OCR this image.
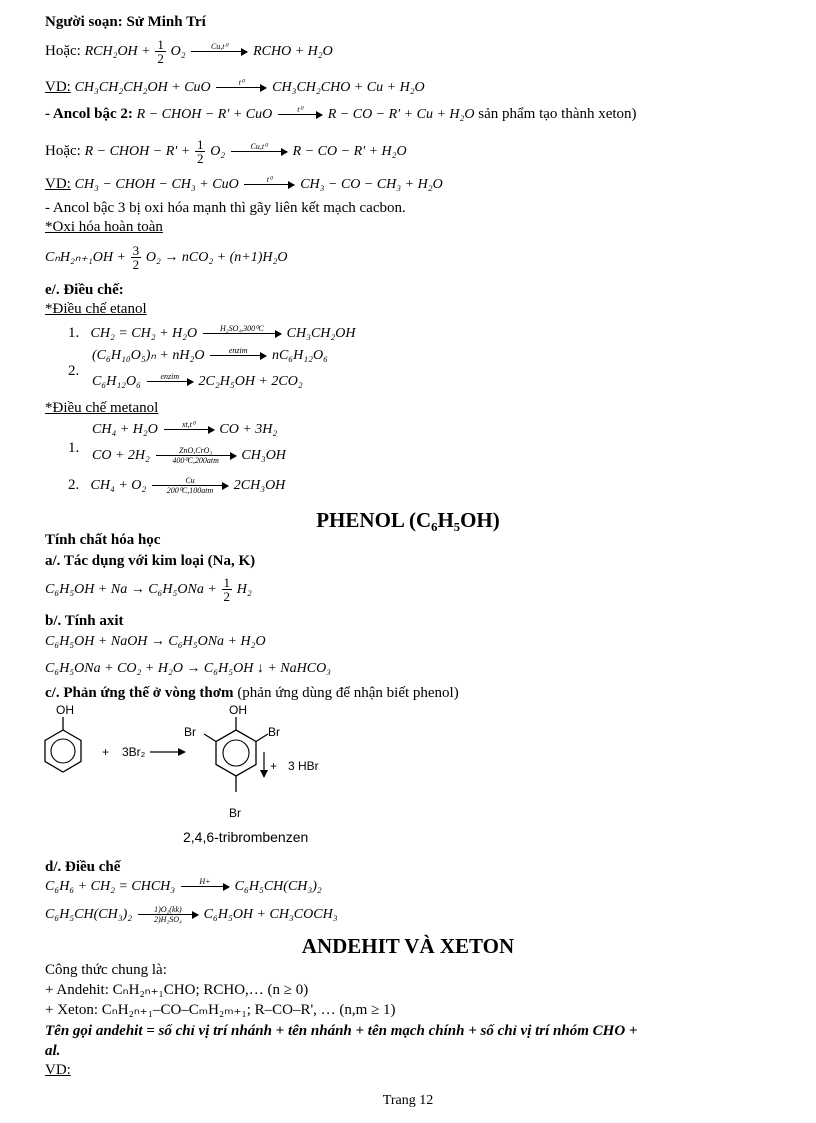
Người soạn: Sử Minh Trí
Hoặc: $RCH_2OH + \frac{1}{2} O_2$	Cu,t⁰
	RCHO + H₂O
VD: CH₃CH₂CH₂OH + CuO	t⁰
	CH₃CH₂CHO + Cu + H₂O
- Ancol bậc 2: R − CHOH − R' + CuO	t⁰
	R − CO − R' + Cu + H₂O sản phẩm tạo thành xeton)
Hoặc: R − CHOH − $R' + \frac{1}{2} O_2$	Cu,t⁰
	R − CO − R' + H₂O
VD: CH₃ − CHOH − CH₃ + CuO	t⁰
	CH₃ − CO − CH₃ + H₂O
- Ancol bậc 3 bị oxi hóa mạnh thì gãy liên kết mạch cacbon.
*Oxi hóa hoàn toàn
$C_nH_{2n+1}OH + \frac{3}{2} O_2 \to nCO_2 + (n+1)H_2O$
e/. Điều chế:
*Điều chế etanol
1. CH₂ = CH₂ + H₂O	H₂SO₄,300⁰C
	CH₃CH₂OH
2.
(C₆H₁₀O₅)ₙ + nH₂O	enzim
	nC₆H₁₂O₆
C₆H₁₂O₆	enzim
	2C₂H₅OH + 2CO₂
*Điều chế metanol
1.
CH₄ + H₂O	xt,t⁰
	CO + 3H₂
CO + 2H₂	ZnO,CrO₃
400⁰C,200atm	CH₃OH
2. CH₄ + O₂	Cu
200⁰C,100atm	2CH₃OH
PHENOL (C₆H₅OH)
Tính chất hóa học
a/. Tác dụng với kim loại (Na, K)
$C_6H_5OH + Na \to C_6H_5ONa + \frac{1}{2} H_2$
b/. Tính axit
C₆H₅OH + NaOH → C₆H₅ONa + H₂O
C₆H₅ONa + CO₂ + H₂O → C₆H₅OH ↓ + NaHCO₃
c/. Phản ứng thế ở vòng thơm (phản ứng dùng để nhận biết phenol)
OH
+ 3Br₂
OH
Br	Br
Br
+ 3 HBr
2,4,6-tribrombenzen
d/. Điều chế
C₆H₆ + CH₂ = CHCH₃	H+
	C₆H₅CH(CH₃)₂
$C_6H_5CH(CH_3)_2 \frac{\text{1)O₂(kk)}}{\text{2)H₂SO₄}} C_6H_5OH$ + CH₃COCH₃
ANDEHIT VÀ XETON
Công thức chung là:
+ Andehit: CₙH₂ₙ₊₁CHO; RCHO,… (n ≥ 0)
+ Xeton: CₙH₂ₙ₊₁–CO–CₘH₂ₘ₊₁; R–CO–R', … (n,m ≥ 1)
Tên gọi andehit = số chỉ vị trí nhánh + tên nhánh + tên mạch chính + số chỉ vị trí nhóm CHO +
al.
VD:
Trang 12
